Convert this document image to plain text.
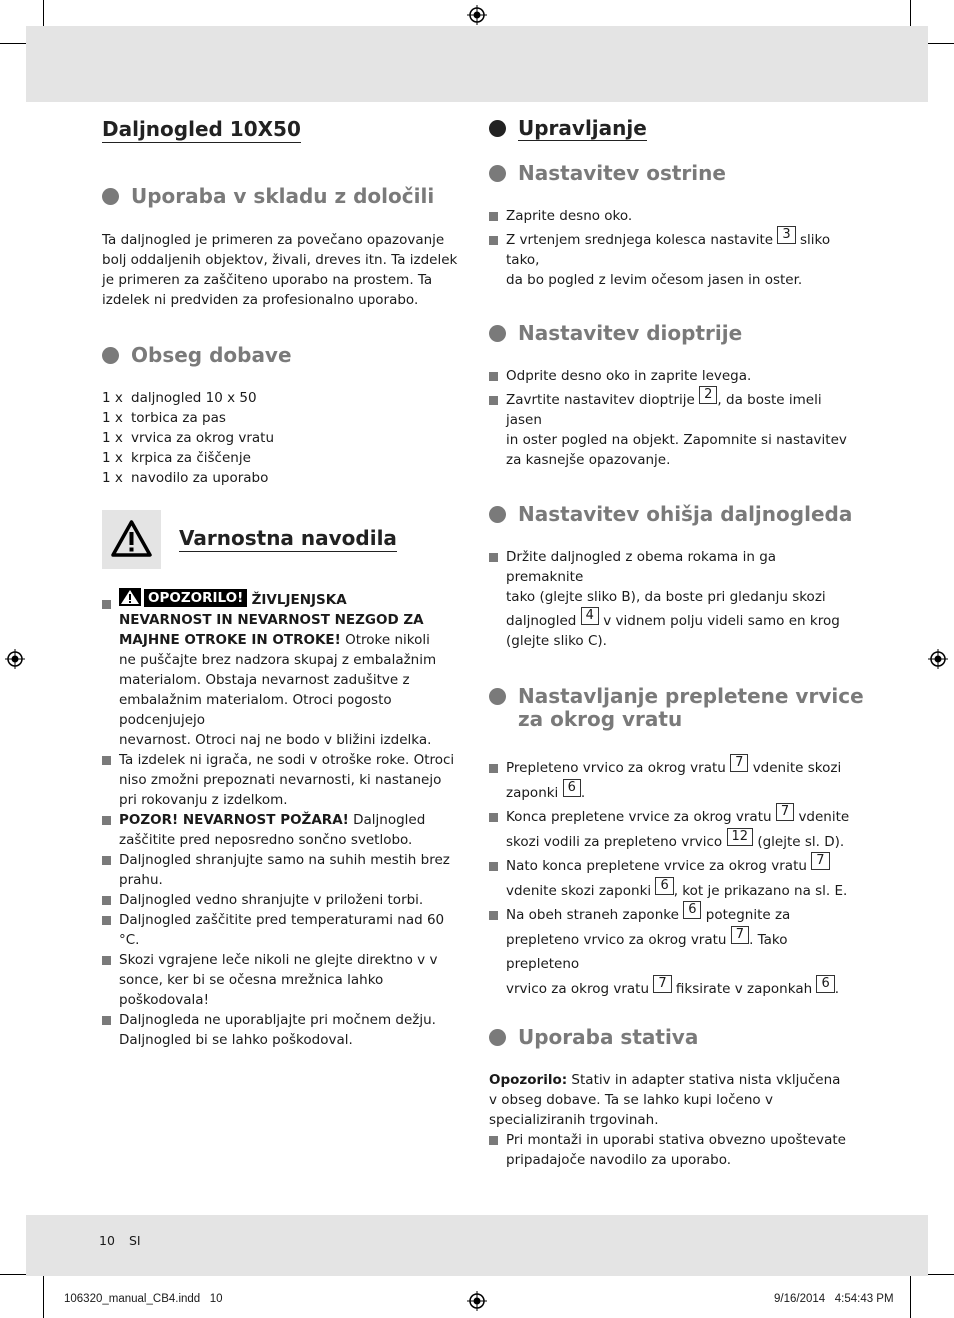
Daljnogled 10X50
Uporaba v skladu z določili
Ta daljnogled je primeren za povečano opazovanje bolj oddaljenih objektov, živali, dreves itn. Ta izdelek je primeren za zaščiteno uporabo na prostem. Ta izdelek ni predviden za profesionalno uporabo.
Obseg dobave
1 x daljnogled 10 x 50
1 x torbica za pas
1 x vrvica za okrog vratu
1 x krpica za čiščenje
1 x navodilo za uporabo
Varnostna navodila
OPOZORILO! ŽIVLJENJSKA
NEVARNOST IN NEVARNOST NEZGOD ZA
MAJHNE OTROKE IN OTROKE! Otroke nikoli
ne puščajte brez nadzora skupaj z embalažnim
materialom. Obstaja nevarnost zadušitve z
embalažnim materialom. Otroci pogosto podcenjujejo
nevarnost. Otroci naj ne bodo v bližini izdelka.
Ta izdelek ni igrača, ne sodi v otroške roke. Otroci niso zmožni prepoznati nevarnosti, ki nastanejo pri rokovanju z izdelkom.
POZOR! NEVARNOST POŽARA! Daljnogled zaščitite pred neposredno sončno svetlobo.
Daljnogled shranjujte samo na suhih mestih brez prahu.
Daljnogled vedno shranjujte v priloženi torbi.
Daljnogled zaščitite pred temperaturami nad 60 °C.
Skozi vgrajene leče nikoli ne glejte direktno v v sonce, ker bi se očesna mrežnica lahko poškodovala!
Daljnogleda ne uporabljajte pri močnem dežju. Daljnogled bi se lahko poškodoval.
Upravljanje
Nastavitev ostrine
Zaprite desno oko.
Z vrtenjem srednjega kolesca nastavite 3 sliko tako,
da bo pogled z levim očesom jasen in oster.
Nastavitev dioptrije
Odprite desno oko in zaprite levega.
Zavrtite nastavitev dioptrije 2 , da boste imeli jasen
in oster pogled na objekt. Zapomnite si nastavitev za kasnejše opazovanje.
Nastavitev ohišja daljnogleda
Držite daljnogled z obema rokama in ga premaknite
tako (glejte sliko B), da boste pri gledanju skozi
daljnogled 4 v vidnem polju videli samo en krog
(glejte sliko C).
Nastavljanje prepletene vrvice
za okrog vratu
Prepleteno vrvico za okrog vratu 7 vdenite skozi
zaponki 6 .
Konca prepletene vrvice za okrog vratu 7 vdenite
skozi vodili za prepleteno vrvico 12 (glejte sl. D).
Nato konca prepletene vrvice za okrog vratu 7
vdenite skozi zaponki 6 , kot je prikazano na sl. E.
Na obeh straneh zaponke 6 potegnite za
prepleteno vrvico za okrog vratu 7 . Tako prepleteno
vrvico za okrog vratu 7 fiksirate v zaponkah 6 .
Uporaba stativa
Opozorilo: Stativ in adapter stativa nista vključena v obseg dobave. Ta se lahko kupi ločeno v specializiranih trgovinah.
Pri montaži in uporabi stativa obvezno upoštevate pripadajoče navodilo za uporabo.
10 SI
106320_manual_CB4.indd   10	9/16/2014   4:54:43 PM
